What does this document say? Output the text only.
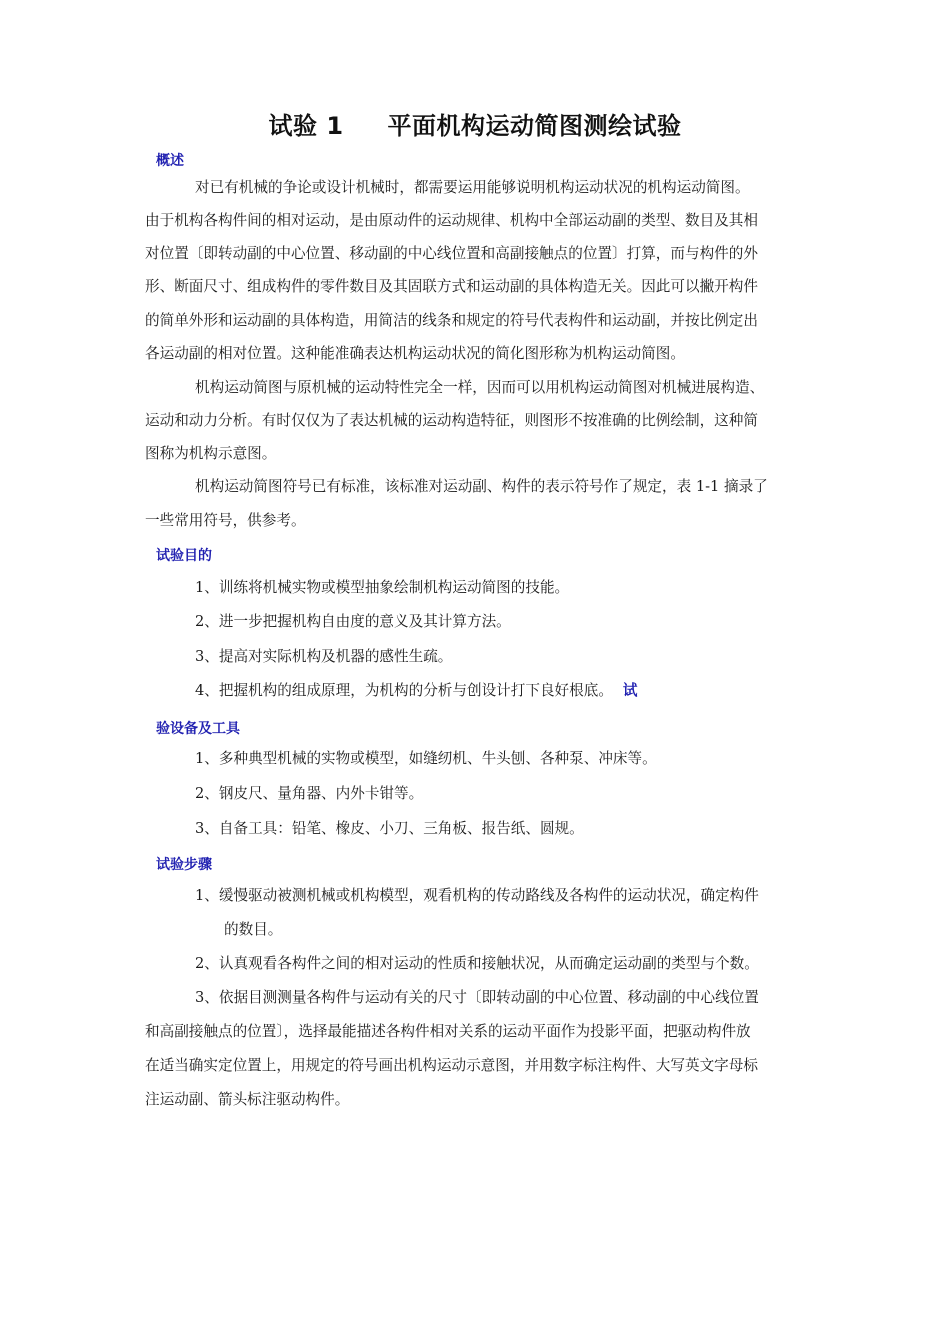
试验 1 平面机构运动简图测绘试验
概述
对已有机械的争论或设计机械时，都需要运用能够说明机构运动状况的机构运动简图。
由于机构各构件间的相对运动，是由原动件的运动规律、机构中全部运动副的类型、数目及其相
对位置〔即转动副的中心位置、移动副的中心线位置和高副接触点的位置〕打算，而与构件的外
形、断面尺寸、组成构件的零件数目及其固联方式和运动副的具体构造无关。因此可以撇开构件
的简单外形和运动副的具体构造，用简洁的线条和规定的符号代表构件和运动副，并按比例定出
各运动副的相对位置。这种能准确表达机构运动状况的简化图形称为机构运动简图。
机构运动简图与原机械的运动特性完全一样，因而可以用机构运动简图对机械进展构造、
运动和动力分析。有时仅仅为了表达机械的运动构造特征，则图形不按准确的比例绘制，这种简
图称为机构示意图。
机构运动简图符号已有标准，该标准对运动副、构件的表示符号作了规定，表 1-1 摘录了
一些常用符号，供参考。
试验目的
1、训练将机械实物或模型抽象绘制机构运动简图的技能。
2、进一步把握机构自由度的意义及其计算方法。
3、提高对实际机构及机器的感性生疏。
4、把握机构的组成原理，为机构的分析与创设计打下良好根底。 试
验设备及工具
1、多种典型机械的实物或模型，如缝纫机、牛头刨、各种泵、冲床等。
2、钢皮尺、量角器、内外卡钳等。
3、自备工具：铅笔、橡皮、小刀、三角板、报告纸、圆规。
试验步骤
1、缓慢驱动被测机械或机构模型，观看机构的传动路线及各构件的运动状况，确定构件
的数目。
2、认真观看各构件之间的相对运动的性质和接触状况，从而确定运动副的类型与个数。
3、依据目测测量各构件与运动有关的尺寸〔即转动副的中心位置、移动副的中心线位置
和高副接触点的位置〕，选择最能描述各构件相对关系的运动平面作为投影平面，把驱动构件放
在适当确实定位置上，用规定的符号画出机构运动示意图，并用数字标注构件、大写英文字母标
注运动副、箭头标注驱动构件。
